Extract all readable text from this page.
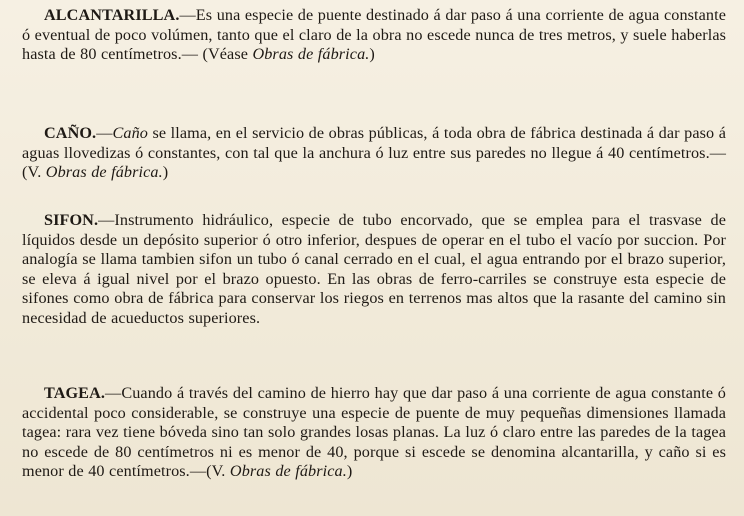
ALCANTARILLA.—Es una especie de puente destinado á dar paso á una corriente de agua constante ó eventual de poco volúmen, tanto que el claro de la obra no escede nunca de tres metros, y suele haberlas hasta de 80 centímetros.— (Véase Obras de fábrica.)
CAÑO.—Caño se llama, en el servicio de obras públicas, á toda obra de fábrica destinada á dar paso á aguas llovedizas ó constantes, con tal que la anchura ó luz entre sus paredes no llegue á 40 centímetros.—(V. Obras de fábrica.)
SIFON.—Instrumento hidráulico, especie de tubo encorvado, que se emplea para el trasvase de líquidos desde un depósito superior ó otro inferior, despues de operar en el tubo el vacío por succion. Por analogía se llama tambien sifon un tubo ó canal cerrado en el cual, el agua entrando por el brazo superior, se eleva á igual nivel por el brazo opuesto. En las obras de ferro-carriles se construye esta especie de sifones como obra de fábrica para conservar los riegos en terrenos mas altos que la rasante del camino sin necesidad de acueductos superiores.
TAGEA.—Cuando á través del camino de hierro hay que dar paso á una corriente de agua constante ó accidental poco considerable, se construye una especie de puente de muy pequeñas dimensiones llamada tagea: rara vez tiene bóveda sino tan solo grandes losas planas. La luz ó claro entre las paredes de la tagea no escede de 80 centímetros ni es menor de 40, porque si escede se denomina alcantarilla, y caño si es menor de 40 centímetros.—(V. Obras de fábrica.)
